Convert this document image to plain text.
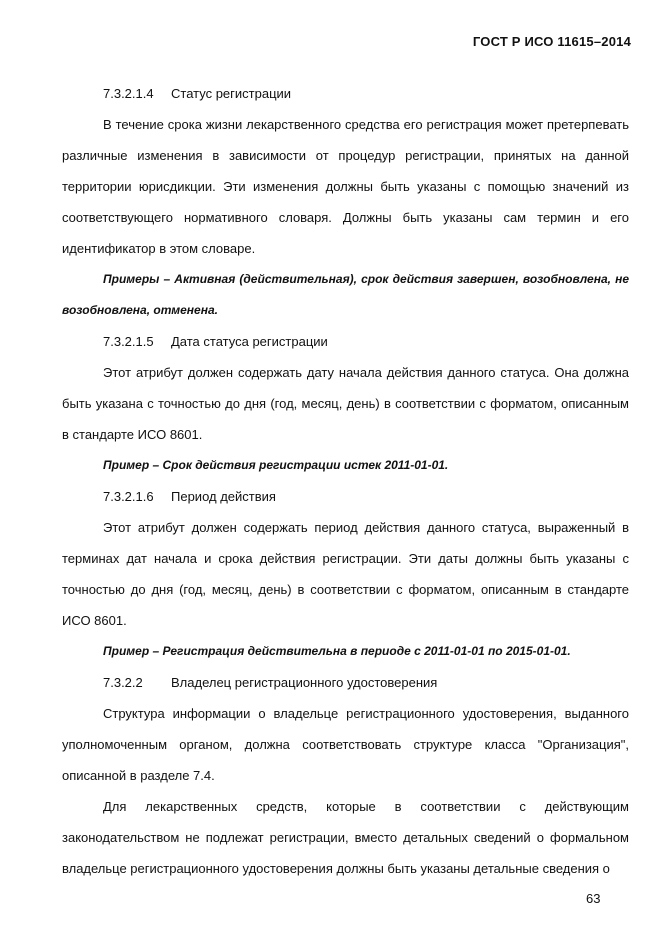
ГОСТ Р ИСО 11615–2014

7.3.2.1.4 Статус регистрации

В течение срока жизни лекарственного средства его регистрация может претерпевать различные изменения в зависимости от процедур регистрации, принятых на данной территории юрисдикции. Эти изменения должны быть указаны с помощью значений из соответствующего нормативного словаря. Должны быть указаны сам термин и его идентификатор в этом словаре.

Примеры – Активная (действительная), срок действия завершен, возобновлена, не возобновлена, отменена.

7.3.2.1.5 Дата статуса регистрации

Этот атрибут должен содержать дату начала действия данного статуса. Она должна быть указана с точностью до дня (год, месяц, день) в соответствии с форматом, описанным в стандарте ИСО 8601.

Пример – Срок действия регистрации истек 2011-01-01.

7.3.2.1.6 Период действия

Этот атрибут должен содержать период действия данного статуса, выраженный в терминах дат начала и срока действия регистрации. Эти даты должны быть указаны с точностью до дня (год, месяц, день) в соответствии с форматом, описанным в стандарте ИСО 8601.

Пример – Регистрация действительна в периоде с 2011-01-01 по 2015-01-01.

7.3.2.2 Владелец регистрационного удостоверения

Структура информации о владельце регистрационного удостоверения, выданного уполномоченным органом, должна соответствовать структуре класса "Организация", описанной в разделе 7.4.

Для лекарственных средств, которые в соответствии с действующим законодательством не подлежат регистрации, вместо детальных сведений о формальном владельце регистрационного удостоверения должны быть указаны детальные сведения о

63
